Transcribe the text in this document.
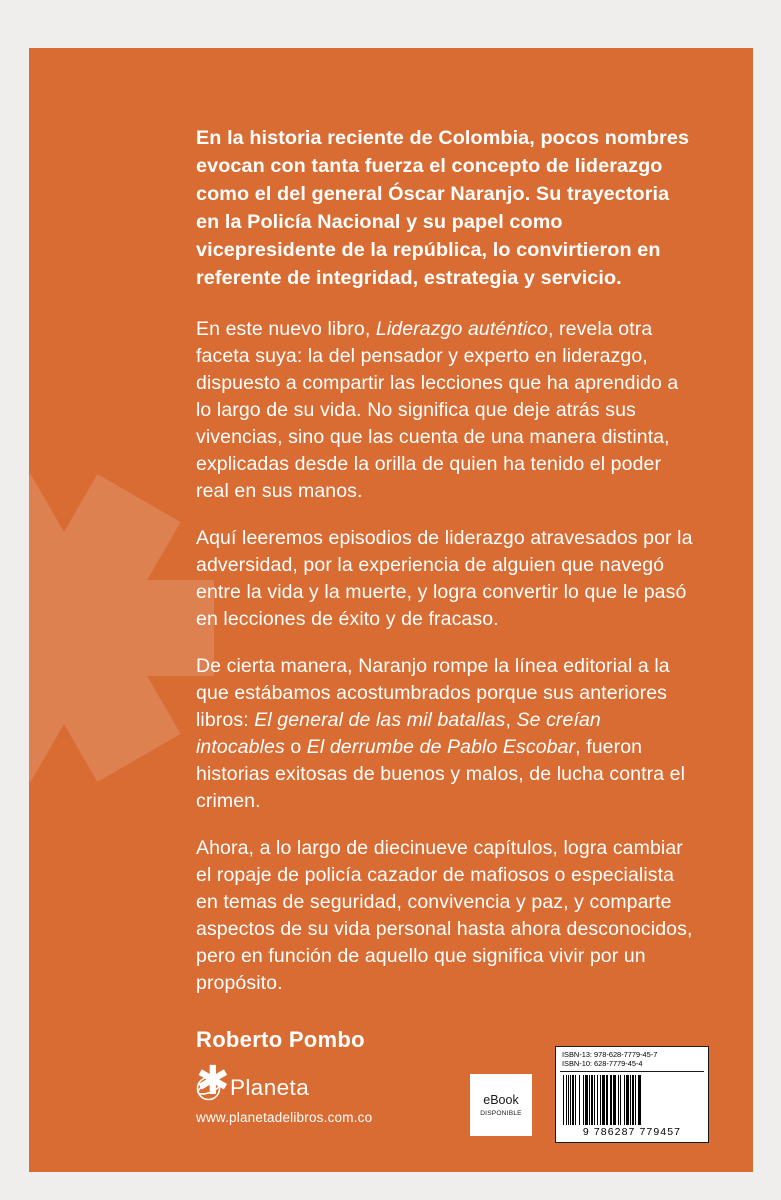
En la historia reciente de Colombia, pocos nombres evocan con tanta fuerza el concepto de liderazgo como el del general Óscar Naranjo. Su trayectoria en la Policía Nacional y su papel como vicepresidente de la república, lo convirtieron en referente de integridad, estrategia y servicio.

En este nuevo libro, Liderazgo auténtico, revela otra faceta suya: la del pensador y experto en liderazgo, dispuesto a compartir las lecciones que ha aprendido a lo largo de su vida. No significa que deje atrás sus vivencias, sino que las cuenta de una manera distinta, explicadas desde la orilla de quien ha tenido el poder real en sus manos.

Aquí leeremos episodios de liderazgo atravesados por la adversidad, por la experiencia de alguien que navegó entre la vida y la muerte, y logra convertir lo que le pasó en lecciones de éxito y de fracaso.

De cierta manera, Naranjo rompe la línea editorial a la que estábamos acostumbrados porque sus anteriores libros: El general de las mil batallas, Se creían intocables o El derrumbe de Pablo Escobar, fueron historias exitosas de buenos y malos, de lucha contra el crimen.

Ahora, a lo largo de diecinueve capítulos, logra cambiar el ropaje de policía cazador de mafiosos o especialista en temas de seguridad, convivencia y paz, y comparte aspectos de su vida personal hasta ahora desconocidos, pero en función de aquello que significa vivir por un propósito.

Roberto Pombo
✱ Planeta
www.planetadelibros.com.co
eBook
DISPONIBLE
ISBN-13: 978-628-7779-45-7
ISBN-10: 628-7779-45-4
9 786287 779457
